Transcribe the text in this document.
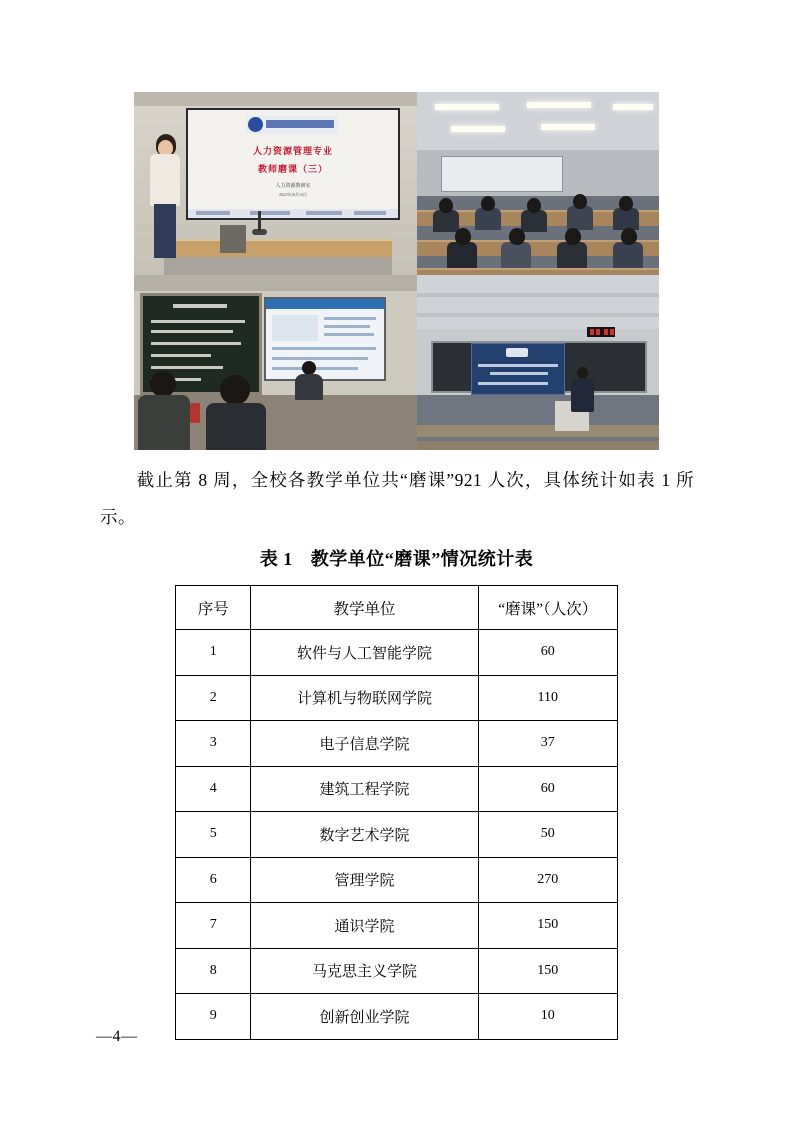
人力资源管理专业
教师磨课（三）
人力资源教研室
2022年10月12日
截止第 8 周，全校各教学单位共“磨课”921 人次，具体统计如表 1 所示。
表 1 教学单位“磨课”情况统计表
序号	教学单位	“磨课”（人次）
1	软件与人工智能学院	60
2	计算机与物联网学院	110
3	电子信息学院	37
4	建筑工程学院	60
5	数字艺术学院	50
6	管理学院	270
7	通识学院	150
8	马克思主义学院	150
9	创新创业学院	10
—4—
